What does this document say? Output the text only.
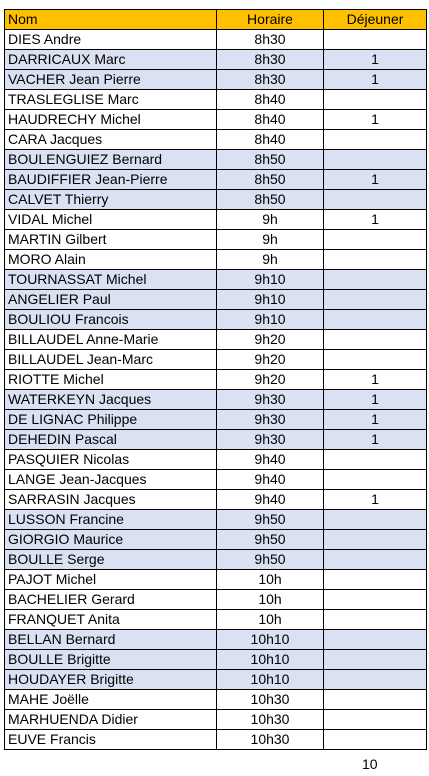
Nom	Horaire	Déjeuner
DIES Andre	8h30	
DARRICAUX Marc	8h30	1
VACHER Jean Pierre	8h30	1
TRASLEGLISE Marc	8h40	
HAUDRECHY Michel	8h40	1
CARA Jacques	8h40	
BOULENGUIEZ Bernard	8h50	
BAUDIFFIER Jean-Pierre	8h50	1
CALVET Thierry	8h50	
VIDAL Michel	9h	1
MARTIN Gilbert	9h	
MORO Alain	9h	
TOURNASSAT Michel	9h10	
ANGELIER Paul	9h10	
BOULIOU Francois	9h10	
BILLAUDEL Anne-Marie	9h20	
BILLAUDEL Jean-Marc	9h20	
RIOTTE Michel	9h20	1
WATERKEYN Jacques	9h30	1
DE LIGNAC Philippe	9h30	1
DEHEDIN Pascal	9h30	1
PASQUIER Nicolas	9h40	
LANGE Jean-Jacques	9h40	
SARRASIN Jacques	9h40	1
LUSSON Francine	9h50	
GIORGIO Maurice	9h50	
BOULLE Serge	9h50	
PAJOT Michel	10h	
BACHELIER Gerard	10h	
FRANQUET Anita	10h	
BELLAN Bernard	10h10	
BOULLE Brigitte	10h10	
HOUDAYER Brigitte	10h10	
MAHE Joëlle	10h30	
MARHUENDA Didier	10h30	
EUVE Francis	10h30	
10
